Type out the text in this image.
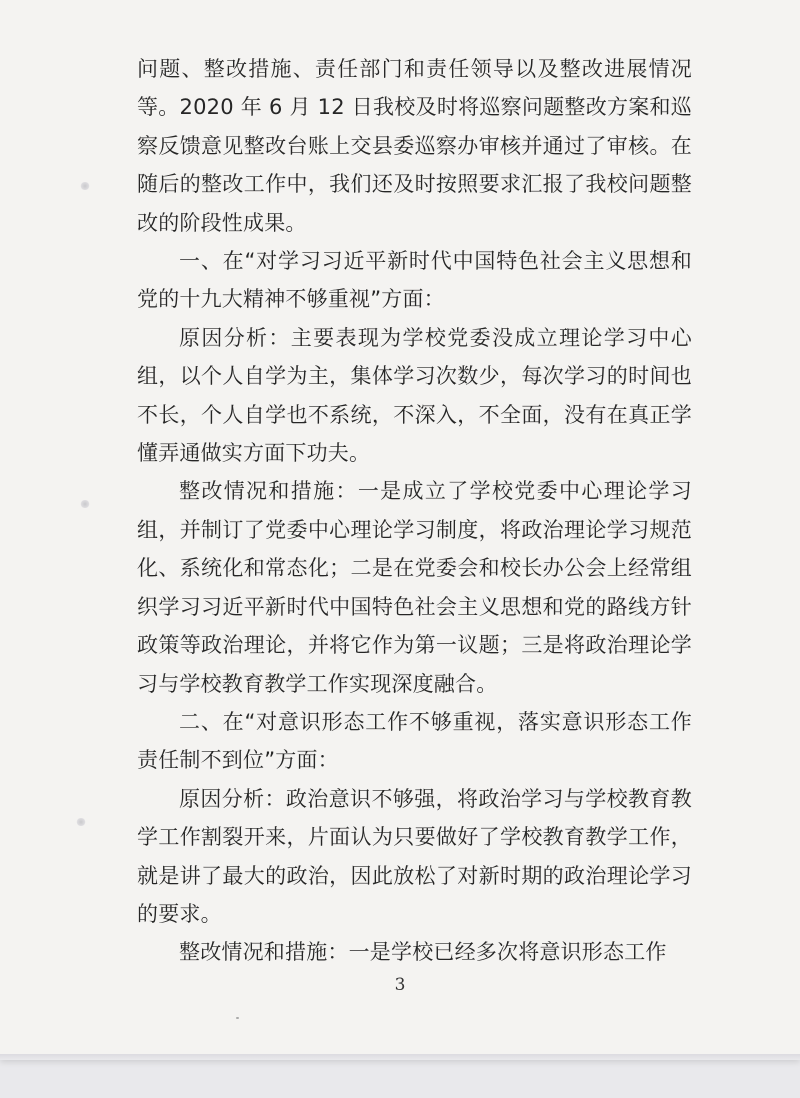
问题、整改措施、责任部门和责任领导以及整改进展情况等。2020 年 6 月 12 日我校及时将巡察问题整改方案和巡察反馈意见整改台账上交县委巡察办审核并通过了审核。在随后的整改工作中，我们还及时按照要求汇报了我校问题整改的阶段性成果。

一、在“对学习习近平新时代中国特色社会主义思想和党的十九大精神不够重视”方面：

原因分析：主要表现为学校党委没成立理论学习中心组，以个人自学为主，集体学习次数少，每次学习的时间也不长，个人自学也不系统，不深入，不全面，没有在真正学懂弄通做实方面下功夫。

整改情况和措施：一是成立了学校党委中心理论学习组，并制订了党委中心理论学习制度，将政治理论学习规范化、系统化和常态化；二是在党委会和校长办公会上经常组织学习习近平新时代中国特色社会主义思想和党的路线方针政策等政治理论，并将它作为第一议题；三是将政治理论学习与学校教育教学工作实现深度融合。

二、在“对意识形态工作不够重视，落实意识形态工作责任制不到位”方面：

原因分析：政治意识不够强，将政治学习与学校教育教学工作割裂开来，片面认为只要做好了学校教育教学工作，就是讲了最大的政治，因此放松了对新时期的政治理论学习的要求。

整改情况和措施：一是学校已经多次将意识形态工作

3
